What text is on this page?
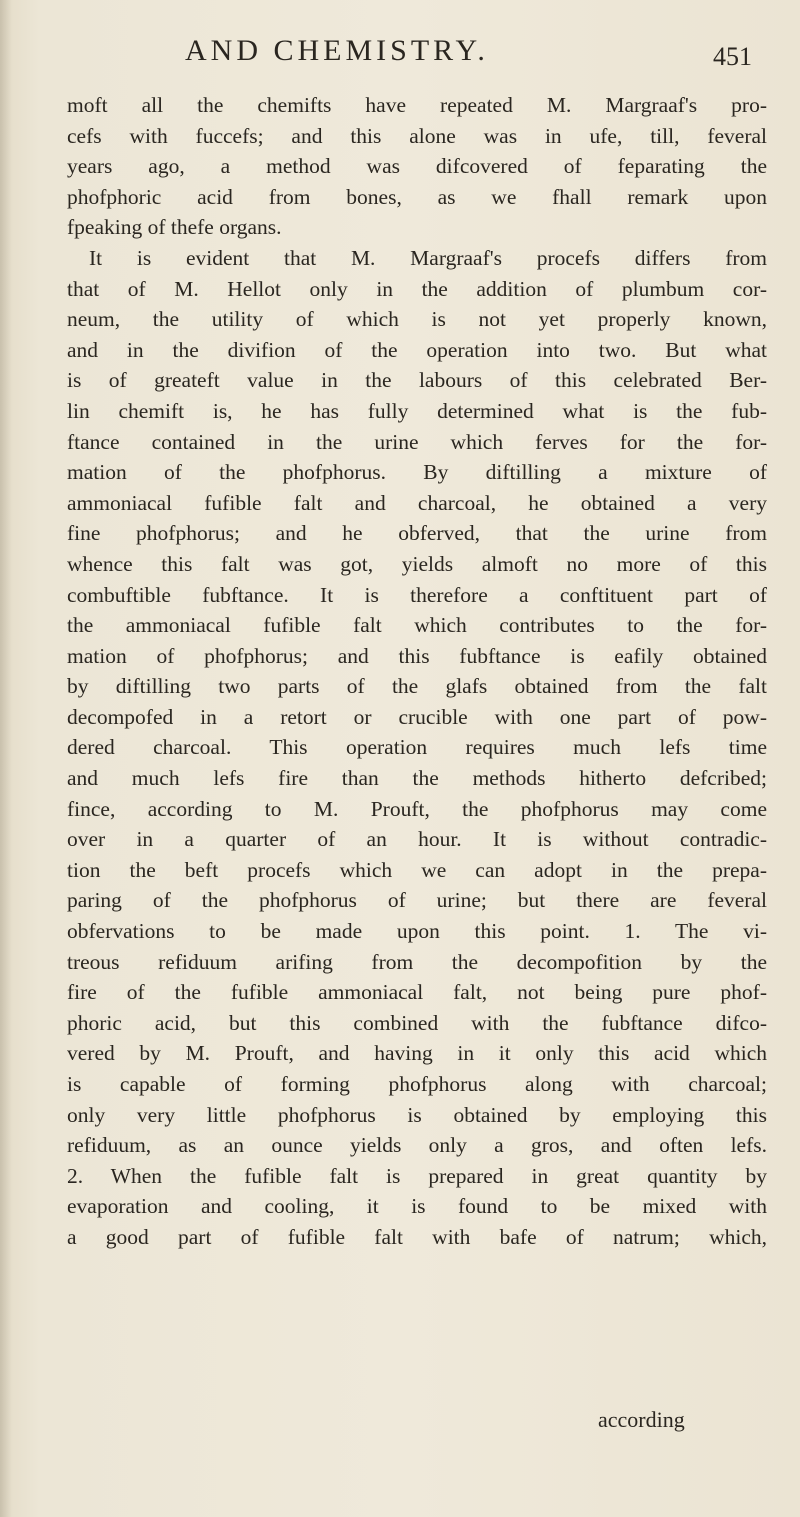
AND CHEMISTRY.	451
moft all the chemifts have repeated M. Margraaf's pro-
cefs with fuccefs; and this alone was in ufe, till, feveral
years ago, a method was difcovered of feparating the
phofphoric acid from bones, as we fhall remark upon
fpeaking of thefe organs.
It is evident that M. Margraaf's procefs differs from
that of M. Hellot only in the addition of plumbum cor-
neum, the utility of which is not yet properly known,
and in the divifion of the operation into two. But what
is of greateft value in the labours of this celebrated Ber-
lin chemift is, he has fully determined what is the fub-
ftance contained in the urine which ferves for the for-
mation of the phofphorus. By diftilling a mixture of
ammoniacal fufible falt and charcoal, he obtained a very
fine phofphorus; and he obferved, that the urine from
whence this falt was got, yields almoft no more of this
combuftible fubftance. It is therefore a conftituent part of
the ammoniacal fufible falt which contributes to the for-
mation of phofphorus; and this fubftance is eafily obtained
by diftilling two parts of the glafs obtained from the falt
decompofed in a retort or crucible with one part of pow-
dered charcoal. This operation requires much lefs time
and much lefs fire than the methods hitherto defcribed;
fince, according to M. Prouft, the phofphorus may come
over in a quarter of an hour. It is without contradic-
tion the beft procefs which we can adopt in the prepa-
paring of the phofphorus of urine; but there are feveral
obfervations to be made upon this point. 1. The vi-
treous refiduum arifing from the decompofition by the
fire of the fufible ammoniacal falt, not being pure phof-
phoric acid, but this combined with the fubftance difco-
vered by M. Prouft, and having in it only this acid which
is capable of forming phofphorus along with charcoal;
only very little phofphorus is obtained by employing this
refiduum, as an ounce yields only a gros, and often lefs.
2. When the fufible falt is prepared in great quantity by
evaporation and cooling, it is found to be mixed with
a good part of fufible falt with bafe of natrum; which,
according
